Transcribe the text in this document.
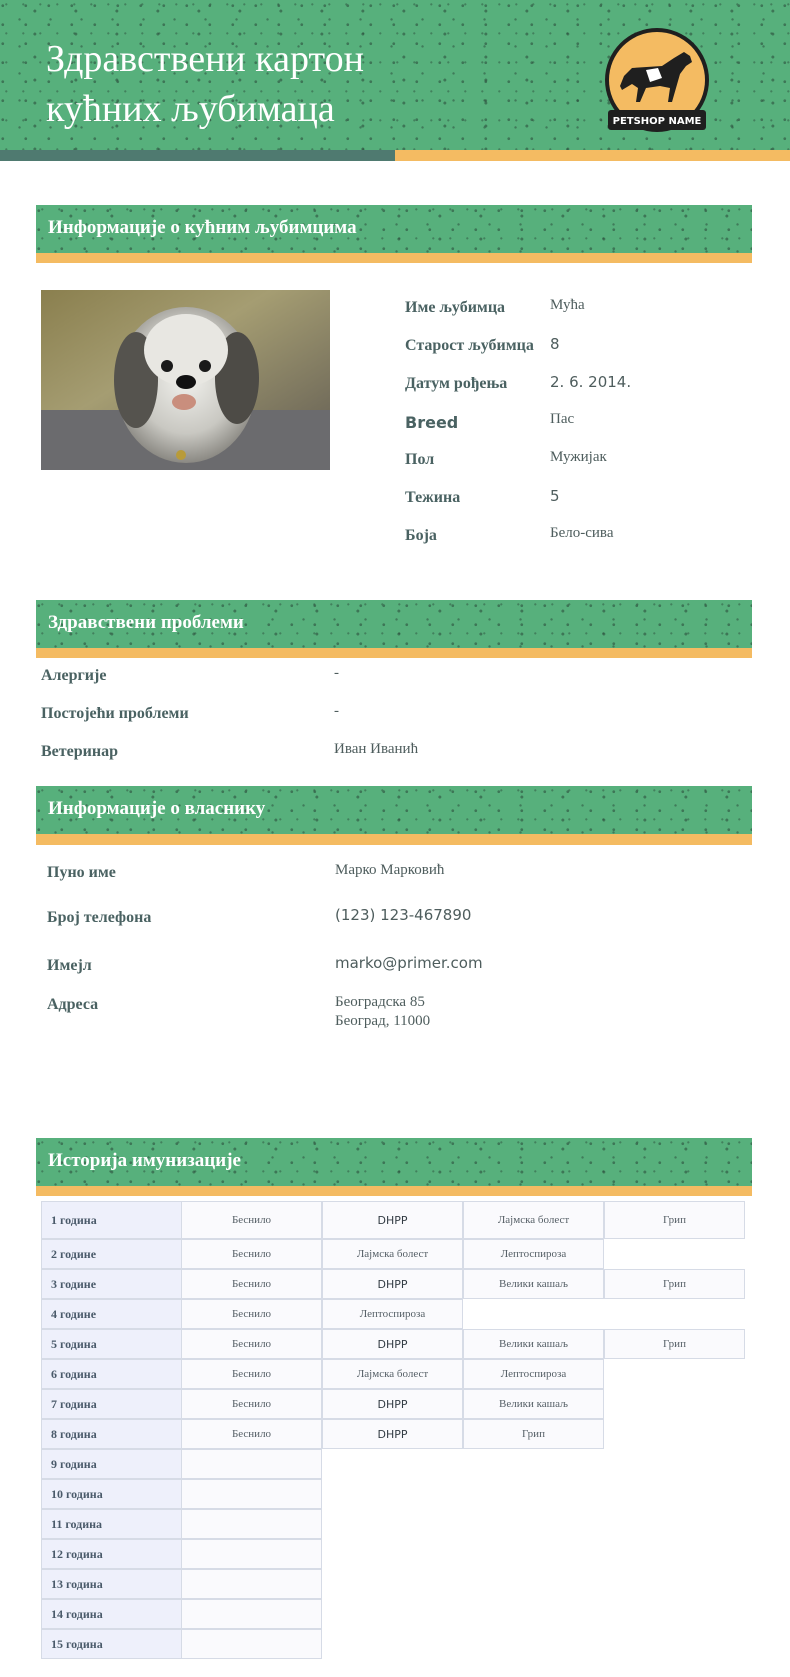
Здравствени картон кућних љубимаца	PETSHOP NAME
Информације о кућним љубимцима
Име љубимца	Мућа
Старост љубимца 8
Датум рођења	2. 6. 2014.
Breed	Пас
Пол	Мужијак
Тежина	5
Боја	Бело-сива
Здравствени проблеми
Алергије	-
Постојећи проблеми	-
Ветеринар	Иван Иванић
Информације о власнику
Пуно име	Марко Марковић
Број телефона	(123) 123-467890
Имејл	marko@primer.com
Адреса	Београдска 85
Београд, 11000
Историја имунизације
1 година	Беснило	DHPP	Лајмска болест	Грип
2 године	Беснило	Лајмска болест	Лептоспироза
3 године	Беснило	DHPP	Велики кашаљ	Грип
4 године	Беснило	Лептоспироза
5 година	Беснило	DHPP	Велики кашаљ	Грип
6 година	Беснило	Лајмска болест	Лептоспироза
7 година	Беснило	DHPP	Велики кашаљ
8 година	Беснило	DHPP	Грип
9 година
10 година
11 година
12 година
13 година
14 година
15 година
